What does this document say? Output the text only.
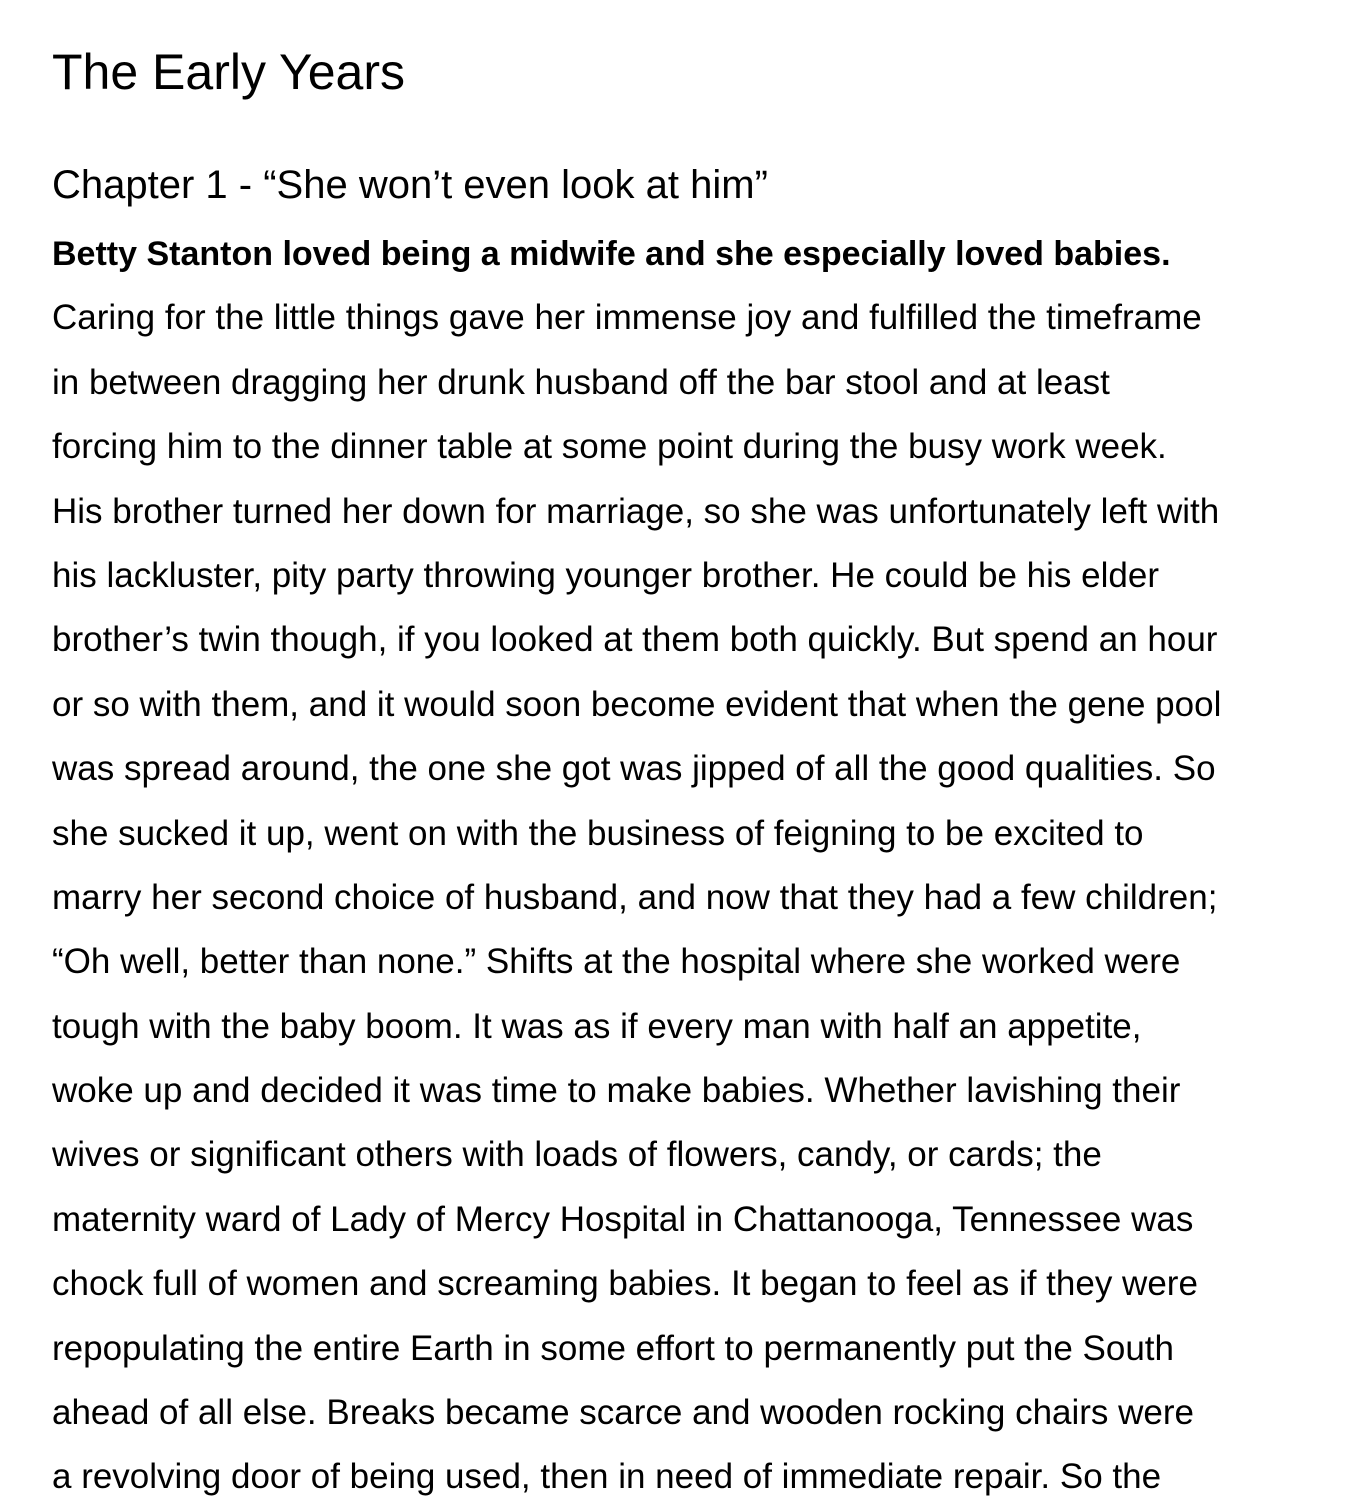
The Early Years
Chapter 1 - “She won’t even look at him”
Betty Stanton loved being a midwife and she especially loved babies.
Caring for the little things gave her immense joy and fulfilled the timeframe
in between dragging her drunk husband off the bar stool and at least
forcing him to the dinner table at some point during the busy work week.
His brother turned her down for marriage, so she was unfortunately left with
his lackluster, pity party throwing younger brother. He could be his elder
brother’s twin though, if you looked at them both quickly. But spend an hour
or so with them, and it would soon become evident that when the gene pool
was spread around, the one she got was jipped of all the good qualities. So
she sucked it up, went on with the business of feigning to be excited to
marry her second choice of husband, and now that they had a few children;
“Oh well, better than none.” Shifts at the hospital where she worked were
tough with the baby boom. It was as if every man with half an appetite,
woke up and decided it was time to make babies. Whether lavishing their
wives or significant others with loads of flowers, candy, or cards; the
maternity ward of Lady of Mercy Hospital in Chattanooga, Tennessee was
chock full of women and screaming babies. It began to feel as if they were
repopulating the entire Earth in some effort to permanently put the South
ahead of all else. Breaks became scarce and wooden rocking chairs were
a revolving door of being used, then in need of immediate repair. So the
